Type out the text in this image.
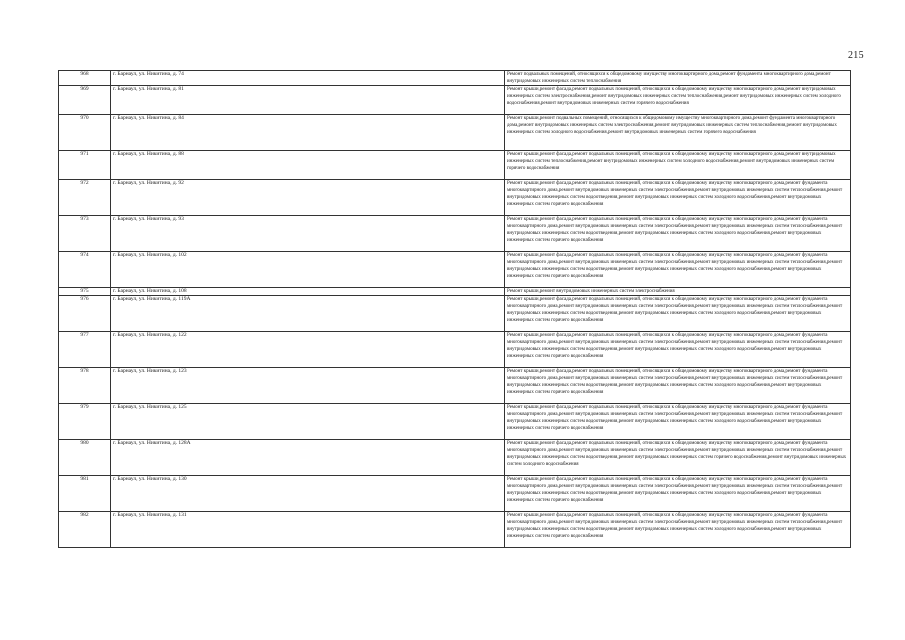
215
968	г. Барнаул, ул. Никитина, д. 74	Ремонт подвальных помещений, относящихся к общедомовому имуществу многоквартирного дома,ремонт фундамента многоквартирного дома,ремонт внутридомовых инженерных систем теплоснабжения
969	г. Барнаул, ул. Никитина, д. 81	Ремонт крыши,ремонт фасада,ремонт подвальных помещений, относящихся к общедомовому имуществу многоквартирного дома,ремонт внутридомовых инженерных систем электроснабжения,ремонт внутридомовых инженерных систем теплоснабжения,ремонт внутридомовых инженерных систем холодного водоснабжения,ремонт внутридомовых инженерных систем горячего водоснабжения
970	г. Барнаул, ул. Никитина, д. 84	Ремонт крыши,ремонт подвальных помещений, относящихся к общедомовому имуществу многоквартирного дома,ремонт фундамента многоквартирного дома,ремонт внутридомовых инженерных систем электроснабжения,ремонт внутридомовых инженерных систем теплоснабжения,ремонт внутридомовых инженерных систем холодного водоснабжения,ремонт внутридомовых инженерных систем горячего водоснабжения
971	г. Барнаул, ул. Никитина, д. 88	Ремонт крыши,ремонт фасада,ремонт подвальных помещений, относящихся к общедомовому имуществу многоквартирного дома,ремонт внутридомовых инженерных систем теплоснабжения,ремонт внутридомовых инженерных систем холодного водоснабжения,ремонт внутридомовых инженерных систем горячего водоснабжения
972	г. Барнаул, ул. Никитина, д. 92	Ремонт крыши,ремонт фасада,ремонт подвальных помещений, относящихся к общедомовому имуществу многоквартирного дома,ремонт фундамента многоквартирного дома,ремонт внутридомовых инженерных систем электроснабжения,ремонт внутридомовых инженерных систем теплоснабжения,ремонт внутридомовых инженерных систем водоотведения,ремонт внутридомовых инженерных систем холодного водоснабжения,ремонт внутридомовых инженерных систем горячего водоснабжения
973	г. Барнаул, ул. Никитина, д. 93	Ремонт крыши,ремонт фасада,ремонт подвальных помещений, относящихся к общедомовому имуществу многоквартирного дома,ремонт фундамента многоквартирного дома,ремонт внутридомовых инженерных систем электроснабжения,ремонт внутридомовых инженерных систем теплоснабжения,ремонт внутридомовых инженерных систем водоотведения,ремонт внутридомовых инженерных систем холодного водоснабжения,ремонт внутридомовых инженерных систем горячего водоснабжения
974	г. Барнаул, ул. Никитина, д. 102	Ремонт крыши,ремонт фасада,ремонт подвальных помещений, относящихся к общедомовому имуществу многоквартирного дома,ремонт фундамента многоквартирного дома,ремонт внутридомовых инженерных систем электроснабжения,ремонт внутридомовых инженерных систем теплоснабжения,ремонт внутридомовых инженерных систем водоотведения,ремонт внутридомовых инженерных систем холодного водоснабжения,ремонт внутридомовых инженерных систем горячего водоснабжения
975	г. Барнаул, ул. Никитина, д. 108	Ремонт крыши,ремонт внутридомовых инженерных систем электроснабжения
976	г. Барнаул, ул. Никитина, д. 119А	Ремонт крыши,ремонт фасада,ремонт подвальных помещений, относящихся к общедомовому имуществу многоквартирного дома,ремонт фундамента многоквартирного дома,ремонт внутридомовых инженерных систем электроснабжения,ремонт внутридомовых инженерных систем теплоснабжения,ремонт внутридомовых инженерных систем водоотведения,ремонт внутридомовых инженерных систем холодного водоснабжения,ремонт внутридомовых инженерных систем горячего водоснабжения
977	г. Барнаул, ул. Никитина, д. 122	Ремонт крыши,ремонт фасада,ремонт подвальных помещений, относящихся к общедомовому имуществу многоквартирного дома,ремонт фундамента многоквартирного дома,ремонт внутридомовых инженерных систем электроснабжения,ремонт внутридомовых инженерных систем теплоснабжения,ремонт внутридомовых инженерных систем водоотведения,ремонт внутридомовых инженерных систем холодного водоснабжения,ремонт внутридомовых инженерных систем горячего водоснабжения
978	г. Барнаул, ул. Никитина, д. 123	Ремонт крыши,ремонт фасада,ремонт подвальных помещений, относящихся к общедомовому имуществу многоквартирного дома,ремонт фундамента многоквартирного дома,ремонт внутридомовых инженерных систем электроснабжения,ремонт внутридомовых инженерных систем теплоснабжения,ремонт внутридомовых инженерных систем водоотведения,ремонт внутридомовых инженерных систем холодного водоснабжения,ремонт внутридомовых инженерных систем горячего водоснабжения
979	г. Барнаул, ул. Никитина, д. 125	Ремонт крыши,ремонт фасада,ремонт подвальных помещений, относящихся к общедомовому имуществу многоквартирного дома,ремонт фундамента многоквартирного дома,ремонт внутридомовых инженерных систем электроснабжения,ремонт внутридомовых инженерных систем теплоснабжения,ремонт внутридомовых инженерных систем водоотведения,ремонт внутридомовых инженерных систем холодного водоснабжения,ремонт внутридомовых инженерных систем горячего водоснабжения
980	г. Барнаул, ул. Никитина, д. 128А	Ремонт крыши,ремонт фасада,ремонт подвальных помещений, относящихся к общедомовому имуществу многоквартирного дома,ремонт фундамента многоквартирного дома,ремонт внутридомовых инженерных систем электроснабжения,ремонт внутридомовых инженерных систем теплоснабжения,ремонт внутридомовых инженерных систем водоотведения,ремонт внутридомовых инженерных систем горячего водоснабжения,ремонт внутридомовых инженерных систем холодного водоснабжения
981	г. Барнаул, ул. Никитина, д. 130	Ремонт крыши,ремонт фасада,ремонт подвальных помещений, относящихся к общедомовому имуществу многоквартирного дома,ремонт фундамента многоквартирного дома,ремонт внутридомовых инженерных систем электроснабжения,ремонт внутридомовых инженерных систем теплоснабжения,ремонт внутридомовых инженерных систем водоотведения,ремонт внутридомовых инженерных систем холодного водоснабжения,ремонт внутридомовых инженерных систем горячего водоснабжения
982	г. Барнаул, ул. Никитина, д. 131	Ремонт крыши,ремонт фасада,ремонт подвальных помещений, относящихся к общедомовому имуществу многоквартирного дома,ремонт фундамента многоквартирного дома,ремонт внутридомовых инженерных систем электроснабжения,ремонт внутридомовых инженерных систем теплоснабжения,ремонт внутридомовых инженерных систем водоотведения,ремонт внутридомовых инженерных систем холодного водоснабжения,ремонт внутридомовых инженерных систем горячего водоснабжения
